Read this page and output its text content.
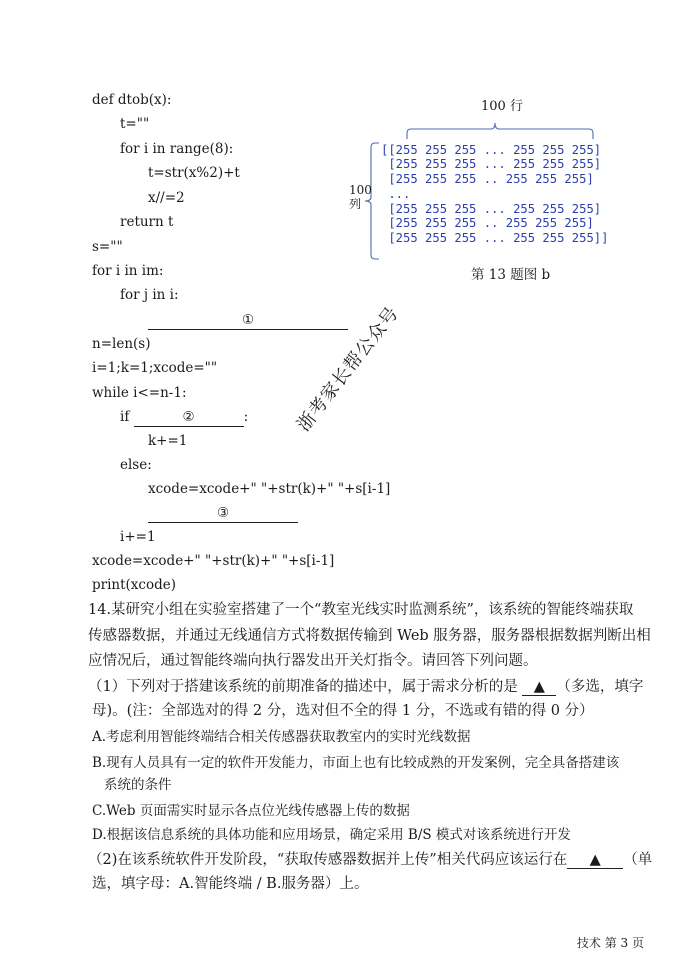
def dtob(x):
t=""
for i in range(8):
t=str(x%2)+t
x//=2
return t
s=""
for i in im:
for j in i:
①
n=len(s)
i=1;k=1;xcode=""
while i<=n-1:
if	②	:
k+=1
else:
xcode=xcode+" "+str(k)+" "+s[i-1]
③
i+=1
xcode=xcode+" "+str(k)+" "+s[i-1]
print(xcode)
100 行
100 列
[[255 255 255 ... 255 255 255]
[255 255 255 ... 255 255 255]
[255 255 255 .. 255 255 255]
...
[255 255 255 ... 255 255 255]
[255 255 255 .. 255 255 255]
[255 255 255 ... 255 255 255]]
第 13 题图 b
14.某研究小组在实验室搭建了一个“教室光线实时监测系统”，该系统的智能终端获取
传感器数据，并通过无线通信方式将数据传输到 Web 服务器，服务器根据数据判断出相
应情况后，通过智能终端向执行器发出开关灯指令。请回答下列问题。
（1）下列对于搭建该系统的前期准备的描述中，属于需求分析的是 ▲ （多选，填字
母)。(注：全部选对的得 2 分，选对但不全的得 1 分，不选或有错的得 0 分）
A.考虑利用智能终端结合相关传感器获取教室内的实时光线数据
B.现有人员具有一定的软件开发能力，市面上也有比较成熟的开发案例，完全具备搭建该
系统的条件
C.Web 页面需实时显示各点位光线传感器上传的数据
D.根据该信息系统的具体功能和应用场景，确定采用 B/S 模式对该系统进行开发
（2)在该系统软件开发阶段，“获取传感器数据并上传”相关代码应该运行在 ▲ （单
选，填字母：A.智能终端 / B.服务器）上。
浙考家长帮公众号
技术 第 3 页
